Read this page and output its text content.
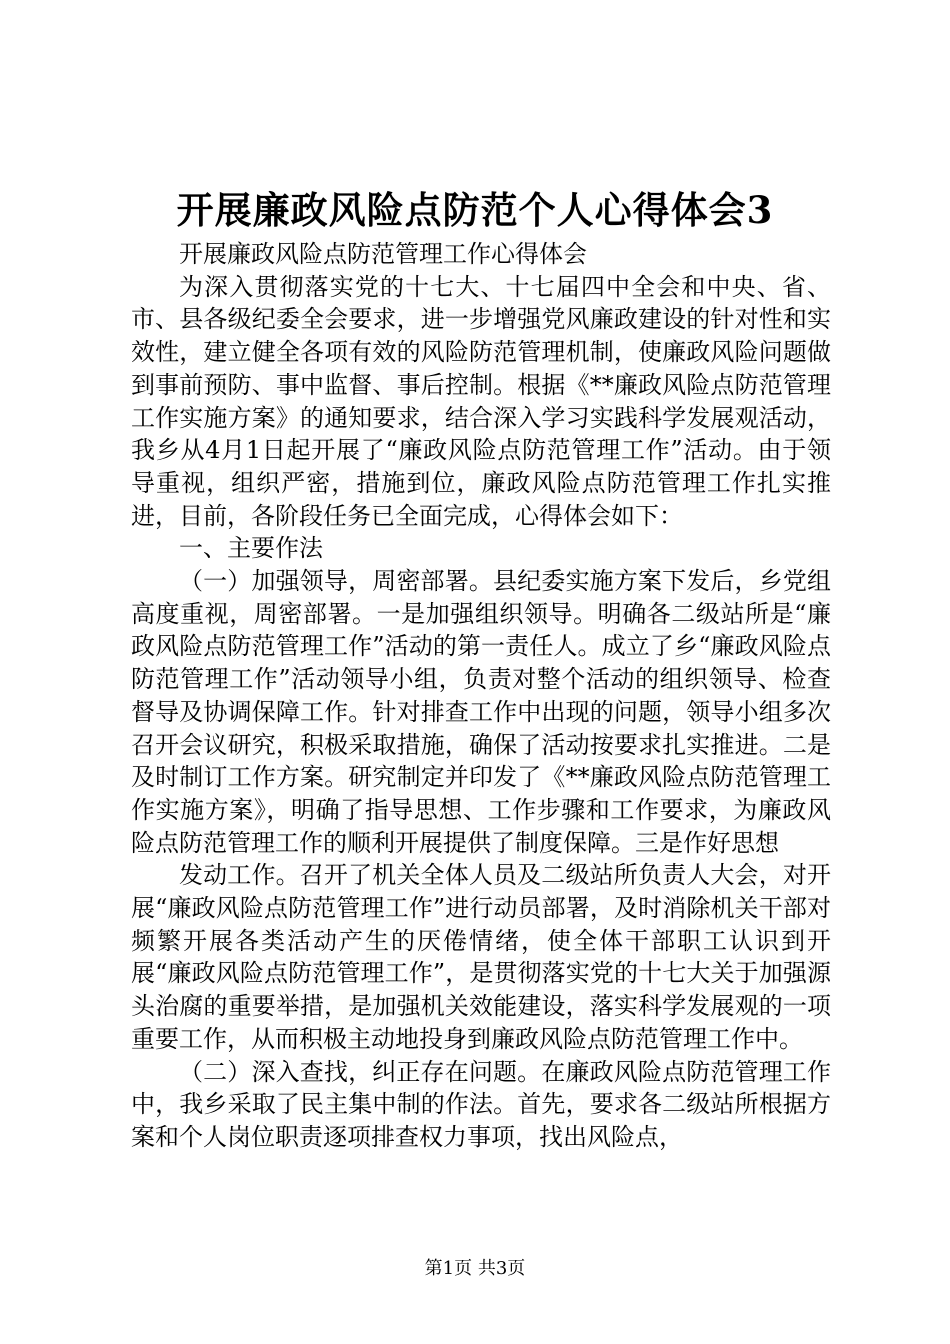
开展廉政风险点防范个人心得体会3

开展廉政风险点防范管理工作心得体会

为深入贯彻落实党的十七大、十七届四中全会和中央、省、市、县各级纪委全会要求，进一步增强党风廉政建设的针对性和实效性，建立健全各项有效的风险防范管理机制，使廉政风险问题做到事前预防、事中监督、事后控制。根据《**廉政风险点防范管理工作实施方案》的通知要求，结合深入学习实践科学发展观活动，我乡从4月1日起开展了“廉政风险点防范管理工作”活动。由于领导重视，组织严密，措施到位，廉政风险点防范管理工作扎实推进，目前，各阶段任务已全面完成，心得体会如下：

一、主要作法

（一）加强领导，周密部署。县纪委实施方案下发后，乡党组高度重视，周密部署。一是加强组织领导。明确各二级站所是“廉政风险点防范管理工作”活动的第一责任人。成立了乡“廉政风险点防范管理工作”活动领导小组，负责对整个活动的组织领导、检查督导及协调保障工作。针对排查工作中出现的问题，领导小组多次召开会议研究，积极采取措施，确保了活动按要求扎实推进。二是及时制订工作方案。研究制定并印发了《**廉政风险点防范管理工作实施方案》，明确了指导思想、工作步骤和工作要求，为廉政风险点防范管理工作的顺利开展提供了制度保障。三是作好思想

发动工作。召开了机关全体人员及二级站所负责人大会，对开展“廉政风险点防范管理工作”进行动员部署，及时消除机关干部对频繁开展各类活动产生的厌倦情绪，使全体干部职工认识到开展“廉政风险点防范管理工作”，是贯彻落实党的十七大关于加强源头治腐的重要举措，是加强机关效能建设，落实科学发展观的一项重要工作，从而积极主动地投身到廉政风险点防范管理工作中。

（二）深入查找，纠正存在问题。在廉政风险点防范管理工作中，我乡采取了民主集中制的作法。首先，要求各二级站所根据方案和个人岗位职责逐项排查权力事项，找出风险点，

第1页 共3页
